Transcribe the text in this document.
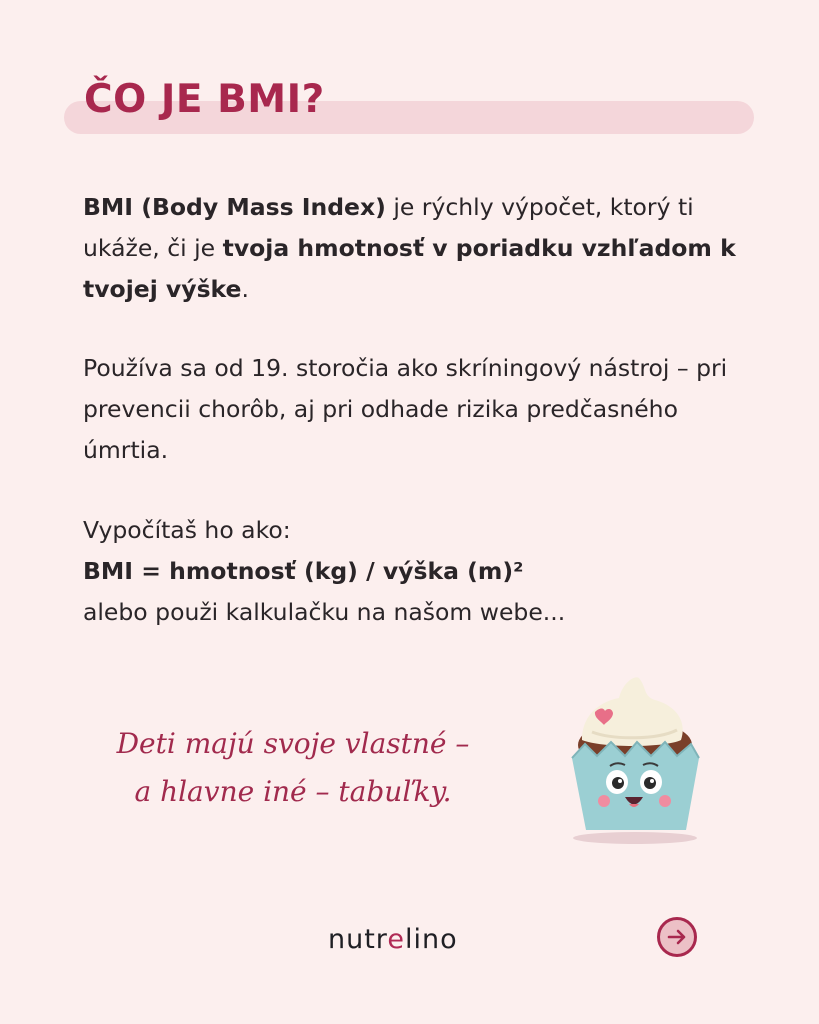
ČO JE BMI?

BMI (Body Mass Index) je rýchly výpočet, ktorý ti ukáže, či je tvoja hmotnosť v poriadku vzhľadom k tvojej výške.

Používa sa od 19. storočia ako skríningový nástroj – pri prevencii chorôb, aj pri odhade rizika predčasného úmrtia.

Vypočítaš ho ako:
BMI = hmotnosť (kg) / výška (m)²
alebo použi kalkulačku na našom webe...

Deti majú svoje vlastné –
a hlavne iné – tabuľky.

nutrelino
